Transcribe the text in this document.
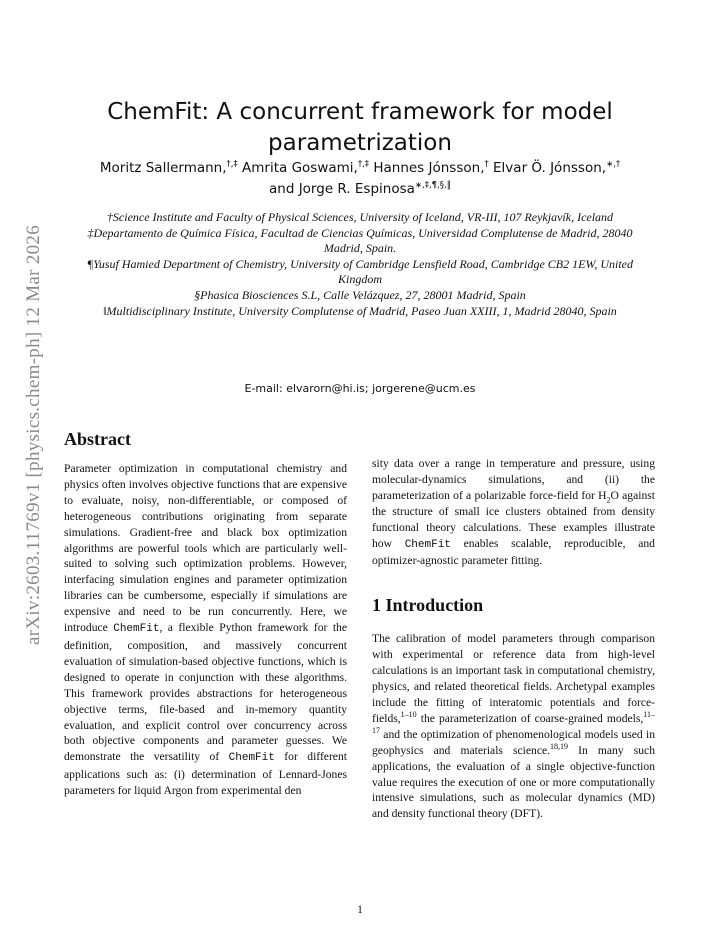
arXiv:2603.11769v1 [physics.chem-ph] 12 Mar 2026
ChemFit: A concurrent framework for model parametrization
Moritz Sallermann,†,‡ Amrita Goswami,†,‡ Hannes Jónsson,† Elvar Ö. Jónsson,∗,†
and Jorge R. Espinosa∗,‡,¶,§,‖

†Science Institute and Faculty of Physical Sciences, University of Iceland, VR-III, 107 Reykjavík, Iceland

‡Departamento de Química Física, Facultad de Ciencias Químicas, Universidad Complutense de Madrid, 28040 Madrid, Spain.

¶Yusuf Hamied Department of Chemistry, University of Cambridge Lensfield Road, Cambridge CB2 1EW, United Kingdom

§Phasica Biosciences S.L, Calle Velázquez, 27, 28001 Madrid, Spain

‖Multidisciplinary Institute, University Complutense of Madrid, Paseo Juan XXIII, 1, Madrid 28040, Spain

E-mail: elvarorn@hi.is; jorgerene@ucm.es
Abstract

Parameter optimization in computational chemistry and physics often involves objective functions that are expensive to evaluate, noisy, non-differentiable, or composed of heterogeneous contributions originating from separate simulations. Gradient-free and black box optimization algorithms are powerful tools which are particularly well-suited to solving such optimization problems. However, interfacing simulation engines and parameter optimization libraries can be cumbersome, especially if simulations are expensive and need to be run concurrently. Here, we introduce ChemFit, a flexible Python framework for the definition, composition, and massively concurrent evaluation of simulation-based objective functions, which is designed to operate in conjunction with these algorithms. This framework provides abstractions for heterogeneous objective terms, file-based and in-memory quantity evaluation, and explicit control over concurrency across both objective components and parameter guesses. We demonstrate the versatility of ChemFit for different applications such as: (i) determination of Lennard-Jones parameters for liquid Argon from experimental den

sity data over a range in temperature and pressure, using molecular-dynamics simulations, and (ii) the parameterization of a polarizable force-field for $H_2O$ against the structure of small ice clusters obtained from density functional theory calculations. These examples illustrate how ChemFit enables scalable, reproducible, and optimizer-agnostic parameter fitting.

1 Introduction

The calibration of model parameters through comparison with experimental or reference data from high-level calculations is an important task in computational chemistry, physics, and related theoretical fields. Archetypal examples include the fitting of interatomic potentials and force-fields,$^{1-10}$ the parameterization of coarse-grained models,$^{11-17}$ and the optimization of phenomenological models used in geophysics and materials science.$^{18,19}$ In many such applications, the evaluation of a single objective-function value requires the execution of one or more computationally intensive simulations, such as molecular dynamics (MD) and density functional theory (DFT).

1
